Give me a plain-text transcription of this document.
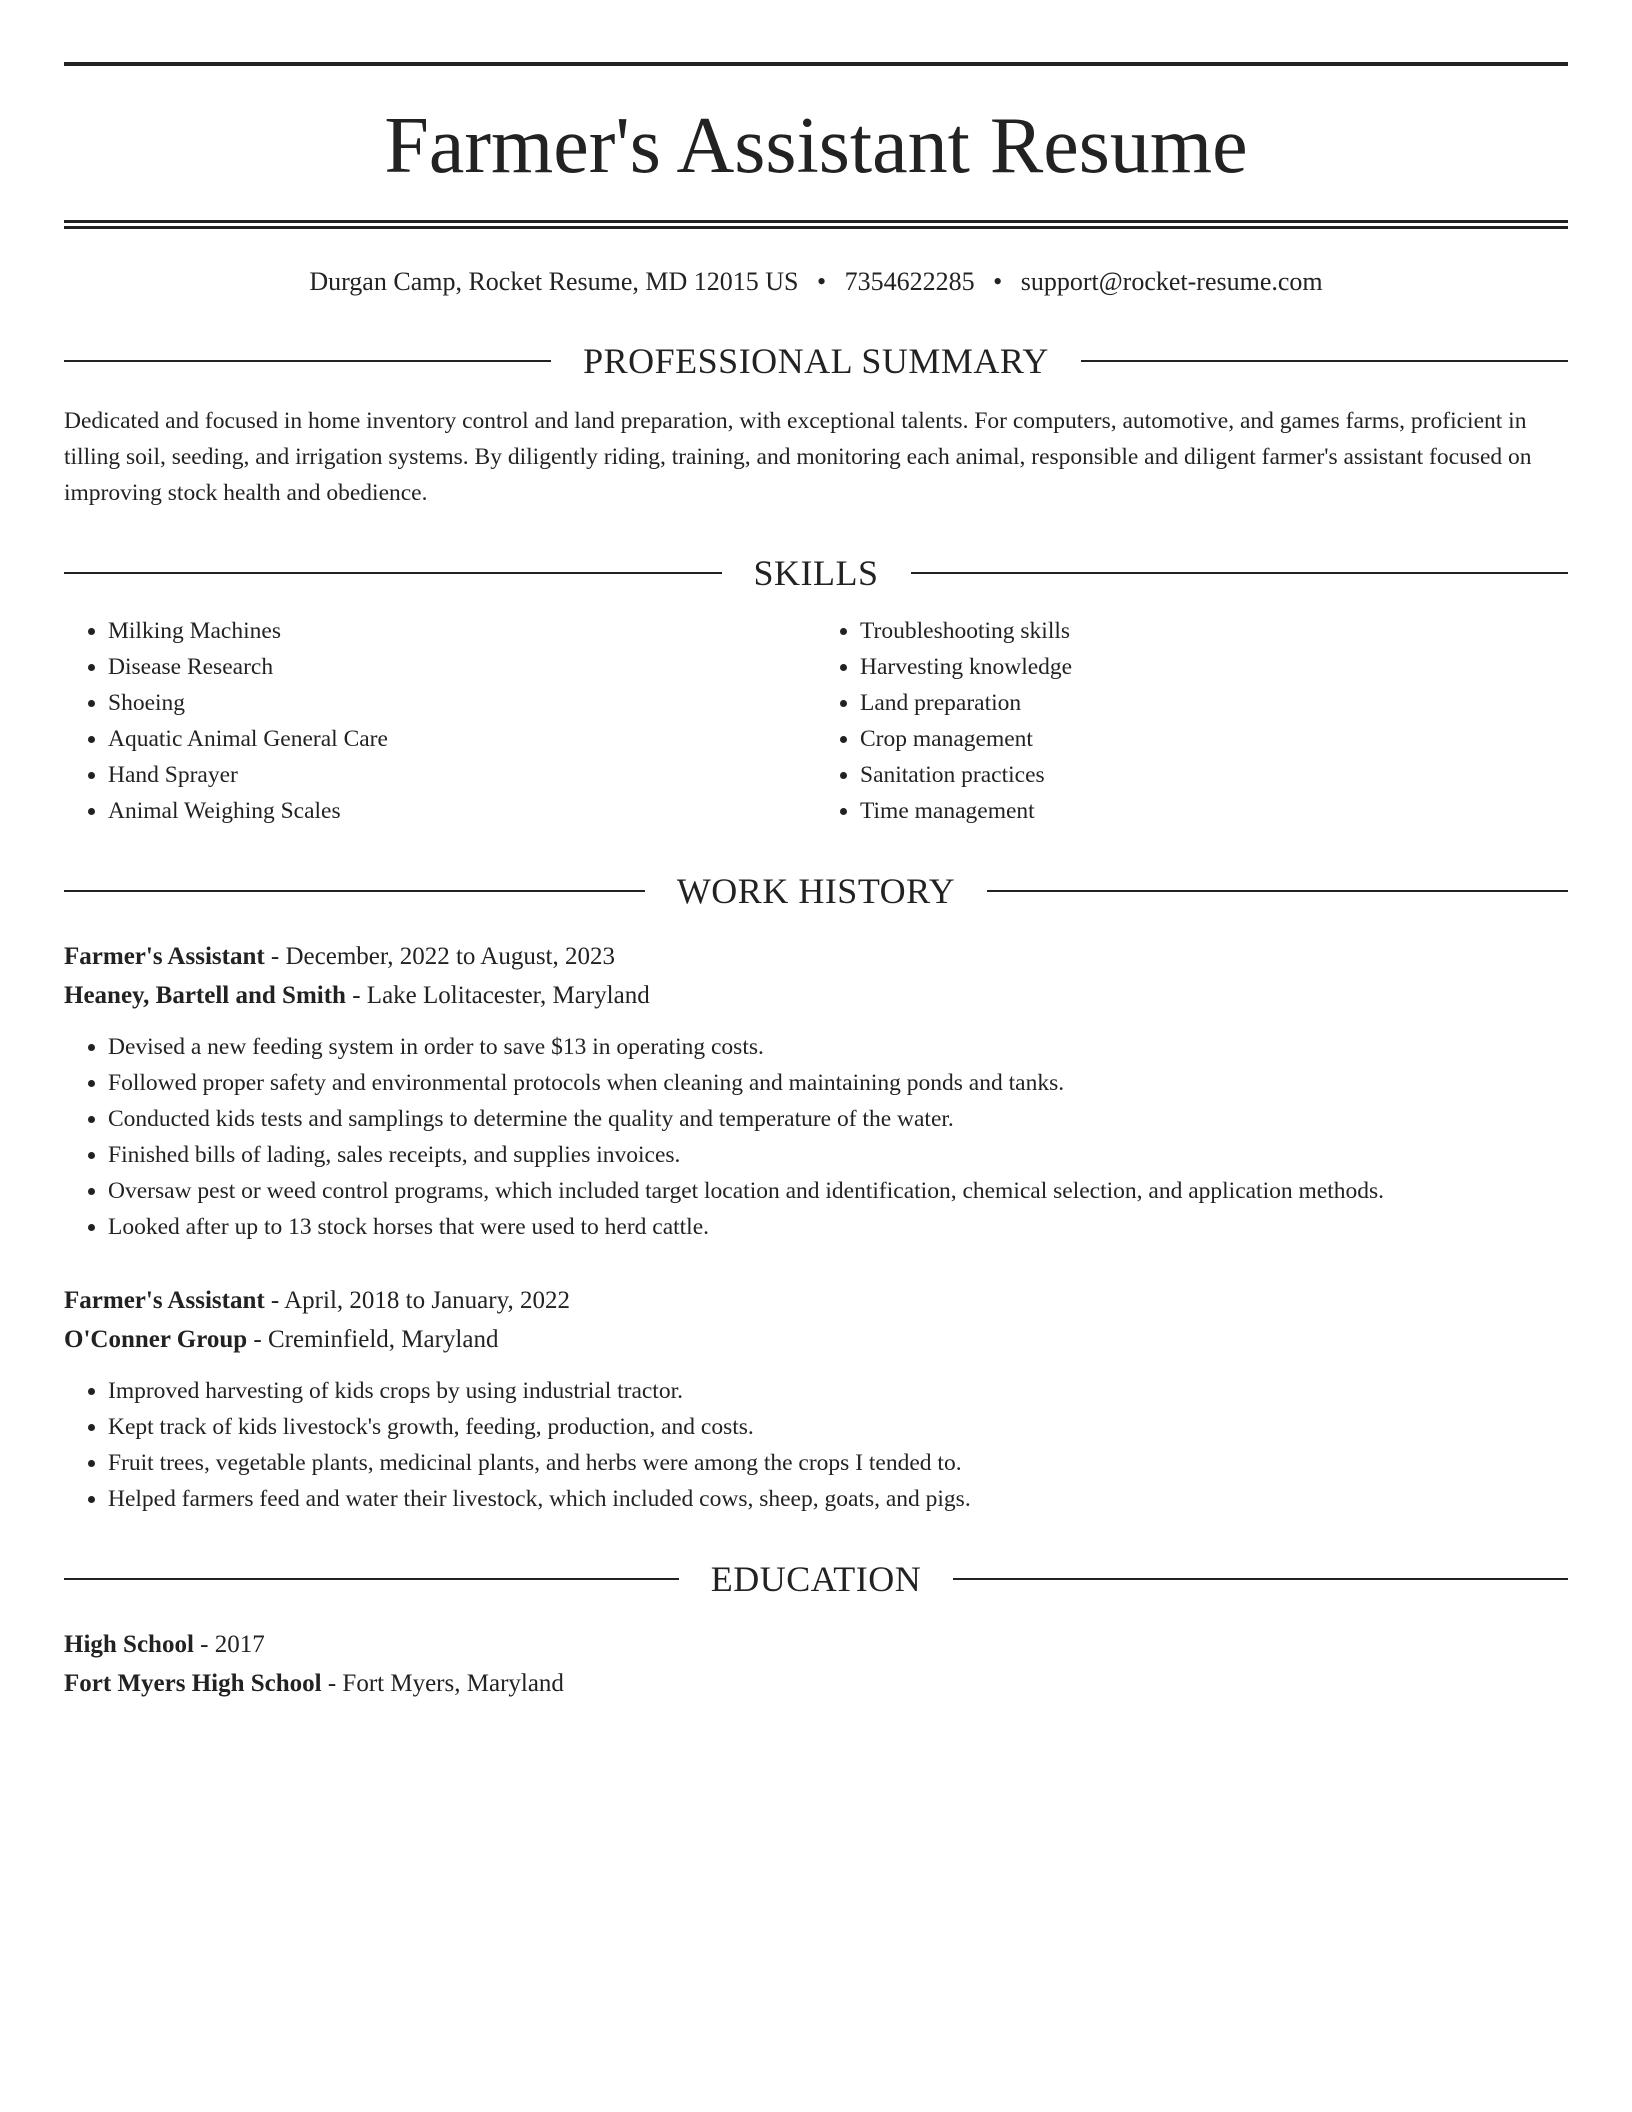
Farmer's Assistant Resume
Durgan Camp, Rocket Resume, MD 12015 US • 7354622285 • support@rocket-resume.com
PROFESSIONAL SUMMARY
Dedicated and focused in home inventory control and land preparation, with exceptional talents. For computers, automotive, and games farms, proficient in tilling soil, seeding, and irrigation systems. By diligently riding, training, and monitoring each animal, responsible and diligent farmer's assistant focused on improving stock health and obedience.
SKILLS
• Milking Machines
• Disease Research
• Shoeing
• Aquatic Animal General Care
• Hand Sprayer
• Animal Weighing Scales
• Troubleshooting skills
• Harvesting knowledge
• Land preparation
• Crop management
• Sanitation practices
• Time management
WORK HISTORY
Farmer's Assistant - December, 2022 to August, 2023
Heaney, Bartell and Smith - Lake Lolitacester, Maryland
• Devised a new feeding system in order to save $13 in operating costs.
• Followed proper safety and environmental protocols when cleaning and maintaining ponds and tanks.
• Conducted kids tests and samplings to determine the quality and temperature of the water.
• Finished bills of lading, sales receipts, and supplies invoices.
• Oversaw pest or weed control programs, which included target location and identification, chemical selection, and application methods.
• Looked after up to 13 stock horses that were used to herd cattle.
Farmer's Assistant - April, 2018 to January, 2022
O'Conner Group - Creminfield, Maryland
• Improved harvesting of kids crops by using industrial tractor.
• Kept track of kids livestock's growth, feeding, production, and costs.
• Fruit trees, vegetable plants, medicinal plants, and herbs were among the crops I tended to.
• Helped farmers feed and water their livestock, which included cows, sheep, goats, and pigs.
EDUCATION
High School - 2017
Fort Myers High School - Fort Myers, Maryland
